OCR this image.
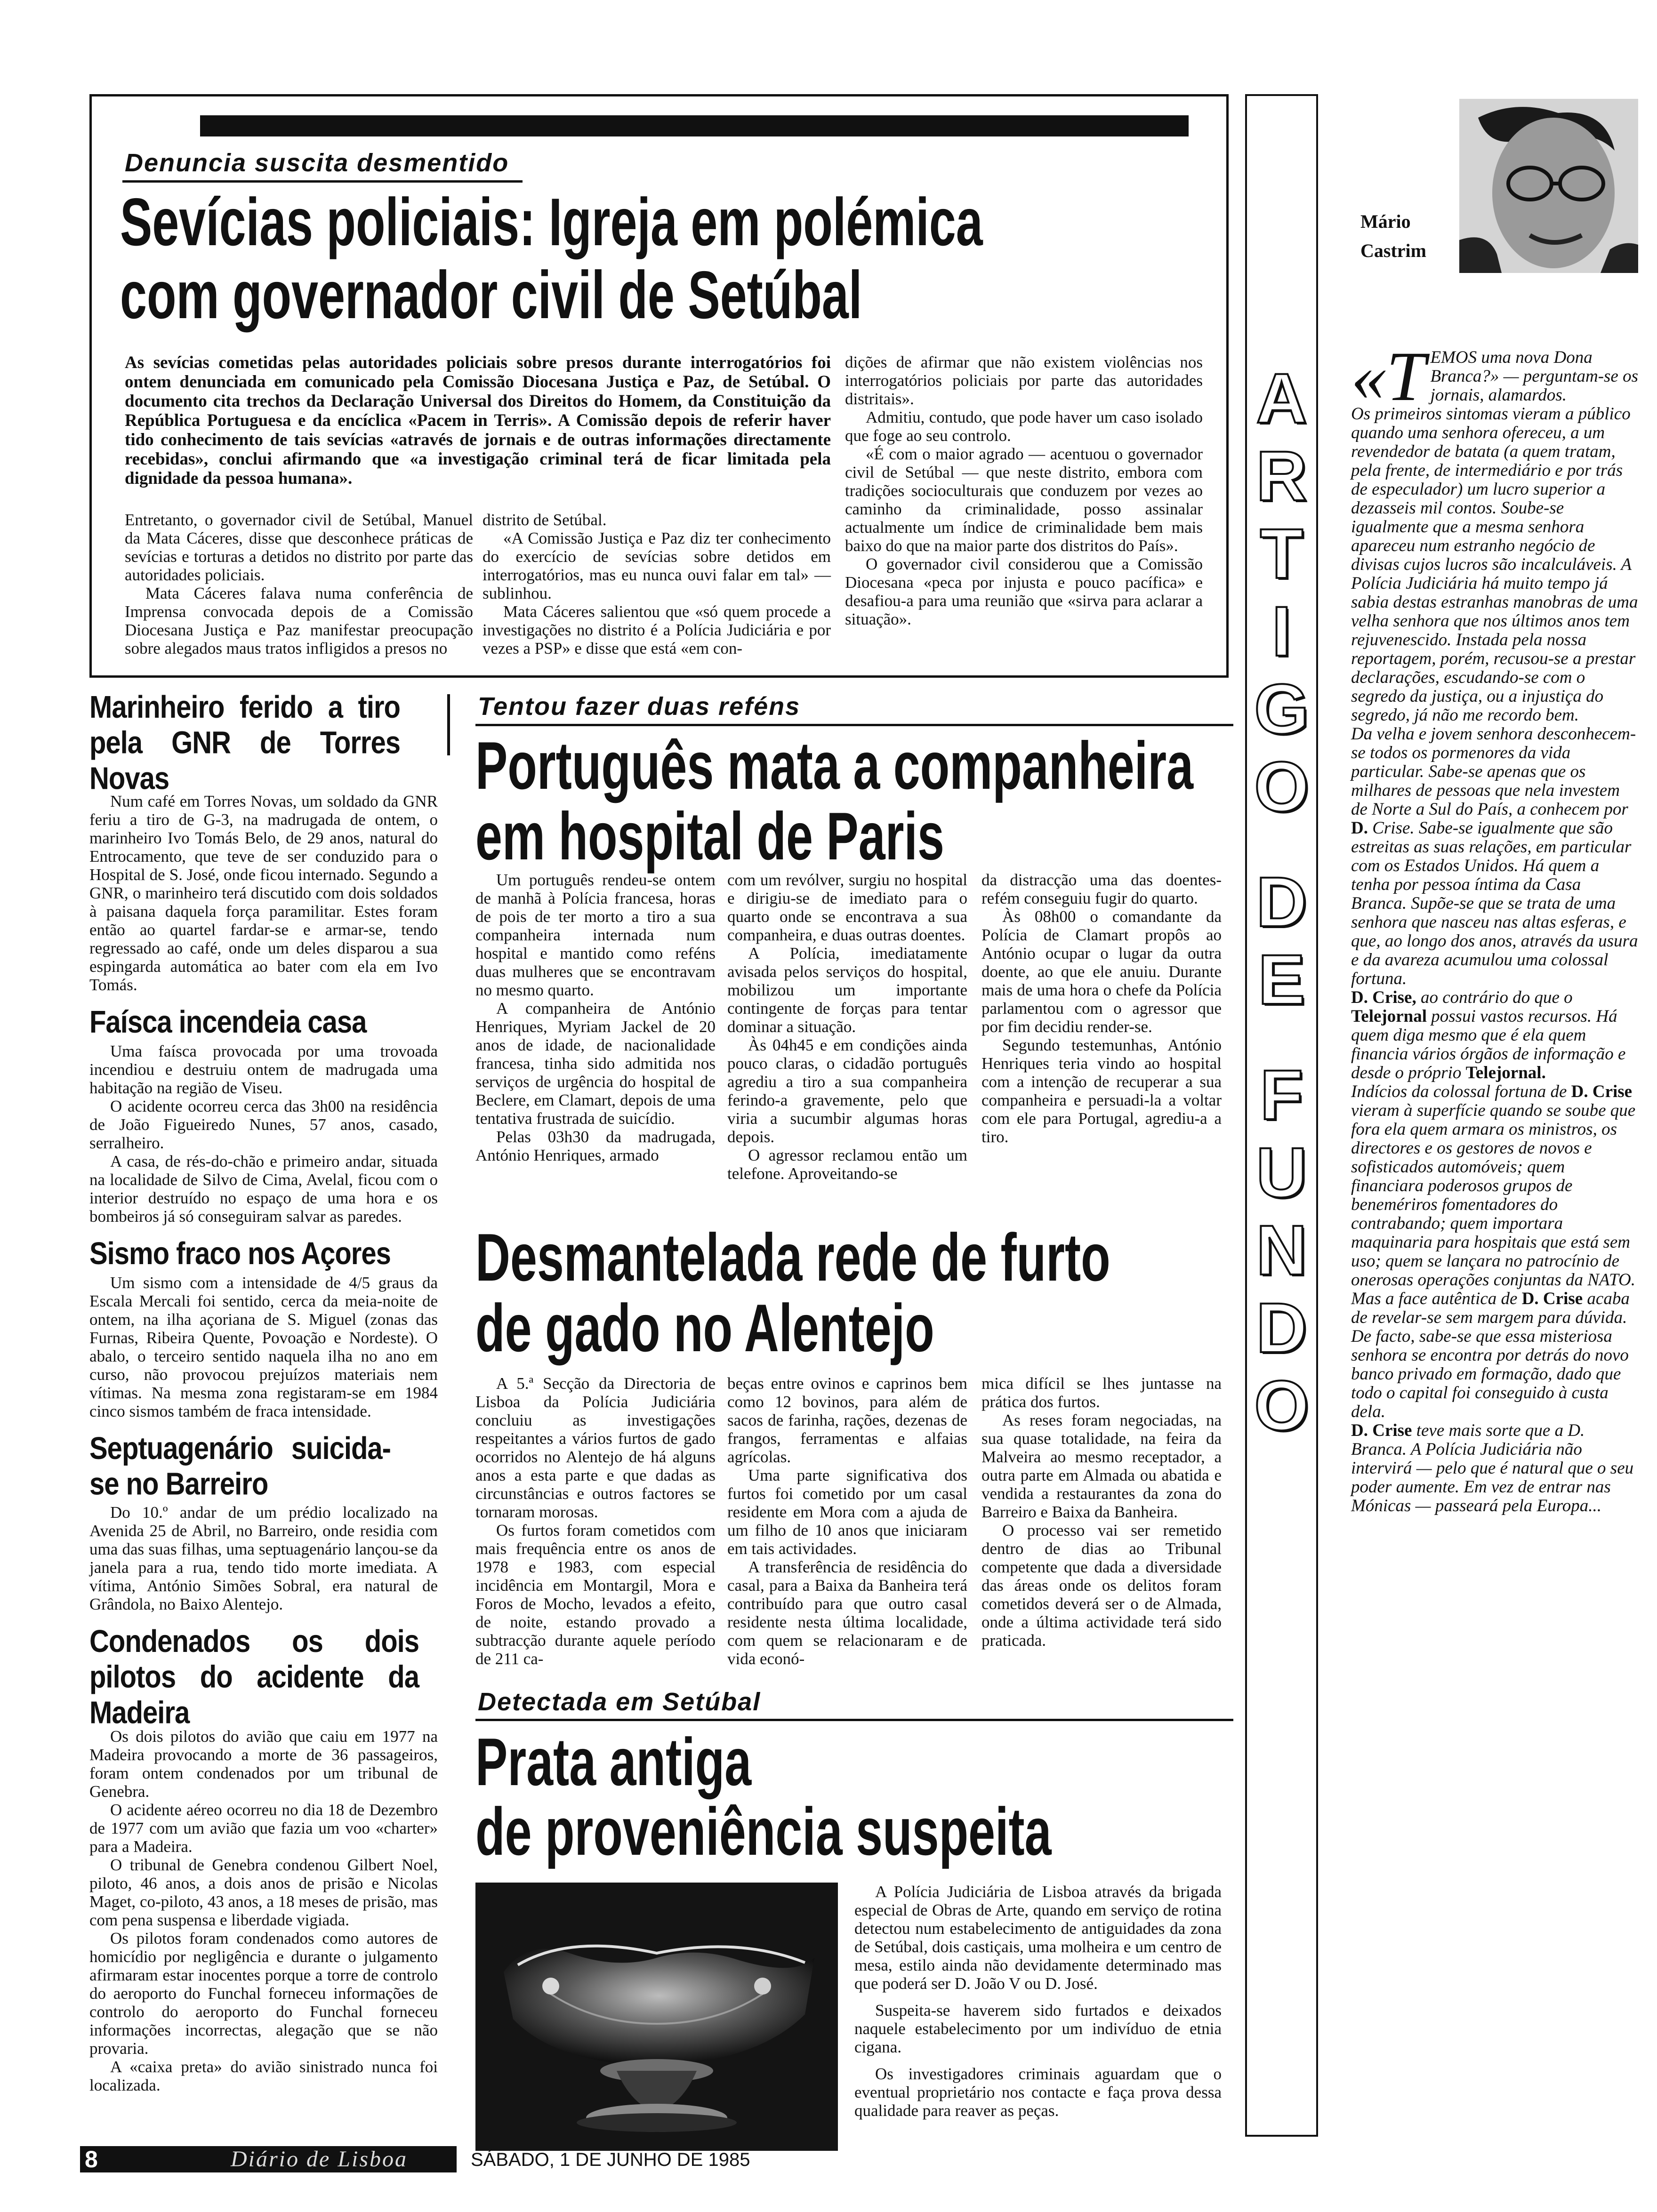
Denuncia suscita desmentido
Sevícias policiais: Igreja em polémica
com governador civil de Setúbal
As sevícias cometidas pelas autoridades policiais sobre presos durante interrogatórios foi ontem denunciada em comunicado pela Comissão Diocesana Justiça e Paz, de Setúbal. O documento cita trechos da Declaração Universal dos Direitos do Homem, da Constituição da República Portuguesa e da encíclica «Pacem in Terris». A Comissão depois de referir haver tido conhecimento de tais sevícias «através de jornais e de outras informações directamente recebidas», conclui afirmando que «a investigação criminal terá de ficar limitada pela dignidade da pessoa humana».

Entretanto, o governador civil de Setúbal, Manuel da Mata Cáceres, disse que desconhece práticas de sevícias e torturas a detidos no distrito por parte das autoridades policiais.

Mata Cáceres falava numa conferência de Imprensa convocada depois de a Comissão Diocesana Justiça e Paz manifestar preocupação sobre alegados maus tratos infligidos a presos no

distrito de Setúbal.

«A Comissão Justiça e Paz diz ter conhecimento do exercício de sevícias sobre detidos em interrogatórios, mas eu nunca ouvi falar em tal» — sublinhou.

Mata Cáceres salientou que «só quem procede a investigações no distrito é a Polícia Judiciária e por vezes a PSP» e disse que está «em con-

dições de afirmar que não existem violências nos interrogatórios policiais por parte das autoridades distritais».

Admitiu, contudo, que pode haver um caso isolado que foge ao seu controlo.

«É com o maior agrado — acentuou o governador civil de Setúbal — que neste distrito, embora com tradições socioculturais que conduzem por vezes ao caminho da criminalidade, posso assinalar actualmente um índice de criminalidade bem mais baixo do que na maior parte dos distritos do País».

O governador civil considerou que a Comissão Diocesana «peca por injusta e pouco pacífica» e desafiou-a para uma reunião que «sirva para aclarar a situação».

Marinheiro ferido a tiro pela GNR de Torres Novas

Num café em Torres Novas, um soldado da GNR feriu a tiro de G-3, na madrugada de ontem, o marinheiro Ivo Tomás Belo, de 29 anos, natural do Entrocamento, que teve de ser conduzido para o Hospital de S. José, onde ficou internado. Segundo a GNR, o marinheiro terá discutido com dois soldados à paisana daquela força paramilitar. Estes foram então ao quartel fardar-se e armar-se, tendo regressado ao café, onde um deles disparou a sua espingarda automática ao bater com ela em Ivo Tomás.

Faísca incendeia casa

Uma faísca provocada por uma trovoada incendiou e destruiu ontem de madrugada uma habitação na região de Viseu.

O acidente ocorreu cerca das 3h00 na residência de João Figueiredo Nunes, 57 anos, casado, serralheiro.

A casa, de rés-do-chão e primeiro andar, situada na localidade de Silvo de Cima, Avelal, ficou com o interior destruído no espaço de uma hora e os bombeiros já só conseguiram salvar as paredes.

Sismo fraco nos Açores

Um sismo com a intensidade de 4/5 graus da Escala Mercali foi sentido, cerca da meia-noite de ontem, na ilha açoriana de S. Miguel (zonas das Furnas, Ribeira Quente, Povoação e Nordeste). O abalo, o terceiro sentido naquela ilha no ano em curso, não provocou prejuízos materiais nem vítimas. Na mesma zona registaram-se em 1984 cinco sismos também de fraca intensidade.

Septuagenário suicida-se no Barreiro

Do 10.º andar de um prédio localizado na Avenida 25 de Abril, no Barreiro, onde residia com uma das suas filhas, uma septuagenário lançou-se da janela para a rua, tendo tido morte imediata. A vítima, António Simões Sobral, era natural de Grândola, no Baixo Alentejo.

Condenados os dois pilotos do acidente da Madeira

Os dois pilotos do avião que caiu em 1977 na Madeira provocando a morte de 36 passageiros, foram ontem condenados por um tribunal de Genebra.

O acidente aéreo ocorreu no dia 18 de Dezembro de 1977 com um avião que fazia um voo «charter» para a Madeira.

O tribunal de Genebra condenou Gilbert Noel, piloto, 46 anos, a dois anos de prisão e Nicolas Maget, co-piloto, 43 anos, a 18 meses de prisão, mas com pena suspensa e liberdade vigiada.

Os pilotos foram condenados como autores de homicídio por negligência e durante o julgamento afirmaram estar inocentes porque a torre de controlo do aeroporto do Funchal forneceu informações de controlo do aeroporto do Funchal forneceu informações incorrectas, alegação que se não provaria.

A «caixa preta» do avião sinistrado nunca foi localizada.

Tentou fazer duas reféns
Português mata a companheira
em hospital de Paris

Um português rendeu-se ontem de manhã à Polícia francesa, horas de pois de ter morto a tiro a sua companheira internada num hospital e mantido como reféns duas mulheres que se encontravam no mesmo quarto.

A companheira de António Henriques, Myriam Jackel de 20 anos de idade, de nacionalidade francesa, tinha sido admitida nos serviços de urgência do hospital de Beclere, em Clamart, depois de uma tentativa frustrada de suicídio.

Pelas 03h30 da madrugada, António Henriques, armado

com um revólver, surgiu no hospital e dirigiu-se de imediato para o quarto onde se encontrava a sua companheira, e duas outras doentes.

A Polícia, imediatamente avisada pelos serviços do hospital, mobilizou um importante contingente de forças para tentar dominar a situação.

Às 04h45 e em condições ainda pouco claras, o cidadão português agrediu a tiro a sua companheira ferindo-a gravemente, pelo que viria a sucumbir algumas horas depois.

O agressor reclamou então um telefone. Aproveitando-se

da distracção uma das doentes-refém conseguiu fugir do quarto.

Às 08h00 o comandante da Polícia de Clamart propôs ao António ocupar o lugar da outra doente, ao que ele anuiu. Durante mais de uma hora o chefe da Polícia parlamentou com o agressor que por fim decidiu render-se.

Segundo testemunhas, António Henriques teria vindo ao hospital com a intenção de recuperar a sua companheira e persuadi-la a voltar com ele para Portugal, agrediu-a a tiro.

Desmantelada rede de furto
de gado no Alentejo

A 5.ª Secção da Directoria de Lisboa da Polícia Judiciária concluiu as investigações respeitantes a vários furtos de gado ocorridos no Alentejo de há alguns anos a esta parte e que dadas as circunstâncias e outros factores se tornaram morosas.

Os furtos foram cometidos com mais frequência entre os anos de 1978 e 1983, com especial incidência em Montargil, Mora e Foros de Mocho, levados a efeito, de noite, estando provado a subtracção durante aquele período de 211 ca-

beças entre ovinos e caprinos bem como 12 bovinos, para além de sacos de farinha, rações, dezenas de frangos, ferramentas e alfaias agrícolas.

Uma parte significativa dos furtos foi cometido por um casal residente em Mora com a ajuda de um filho de 10 anos que iniciaram em tais actividades.

A transferência de residência do casal, para a Baixa da Banheira terá contribuído para que outro casal residente nesta última localidade, com quem se relacionaram e de vida econó-

mica difícil se lhes juntasse na prática dos furtos.

As reses foram negociadas, na sua quase totalidade, na feira da Malveira ao mesmo receptador, a outra parte em Almada ou abatida e vendida a restaurantes da zona do Barreiro e Baixa da Banheira.

O processo vai ser remetido dentro de dias ao Tribunal competente que dada a diversidade das áreas onde os delitos foram cometidos deverá ser o de Almada, onde a última actividade terá sido praticada.

Detectada em Setúbal
Prata antiga
de proveniência suspeita

A Polícia Judiciária de Lisboa através da brigada especial de Obras de Arte, quando em serviço de rotina detectou num estabelecimento de antiguidades da zona de Setúbal, dois castiçais, uma molheira e um centro de mesa, estilo ainda não devidamente determinado mas que poderá ser D. João V ou D. José.

Suspeita-se haverem sido furtados e deixados naquele estabelecimento por um indivíduo de etnia cigana.

Os investigadores criminais aguardam que o eventual proprietário nos contacte e faça prova dessa qualidade para reaver as peças.

A
R
T
I
G
O
D
E
F
U
N
D
O
Mário
Castrim
«T EMOS uma nova Dona Branca?» — perguntam-se os jornais, alamardos.

Os primeiros sintomas vieram a público quando uma senhora ofereceu, a um revendedor de batata (a quem tratam, pela frente, de intermediário e por trás de especulador) um lucro superior a dezasseis mil contos. Soube-se igualmente que a mesma senhora apareceu num estranho negócio de divisas cujos lucros são incalculáveis. A Polícia Judiciária há muito tempo já sabia destas estranhas manobras de uma velha senhora que nos últimos anos tem rejuvenescido. Instada pela nossa reportagem, porém, recusou-se a prestar declarações, escudando-se com o segredo da justiça, ou a injustiça do segredo, já não me recordo bem.

Da velha e jovem senhora desconhecem-se todos os pormenores da vida particular. Sabe-se apenas que os milhares de pessoas que nela investem de Norte a Sul do País, a conhecem por D. Crise. Sabe-se igualmente que são estreitas as suas relações, em particular com os Estados Unidos. Há quem a tenha por pessoa íntima da Casa Branca. Supõe-se que se trata de uma senhora que nasceu nas altas esferas, e que, ao longo dos anos, através da usura e da avareza acumulou uma colossal fortuna.

D. Crise, ao contrário do que o Telejornal possui vastos recursos. Há quem diga mesmo que é ela quem financia vários órgãos de informação e desde o próprio Telejornal.

Indícios da colossal fortuna de D. Crise vieram à superfície quando se soube que fora ela quem armara os ministros, os directores e os gestores de novos e sofisticados automóveis; quem financiara poderosos grupos de benemériros fomentadores do contrabando; quem importara maquinaria para hospitais que está sem uso; quem se lançara no patrocínio de onerosas operações conjuntas da NATO.

Mas a face autêntica de D. Crise acaba de revelar-se sem margem para dúvida. De facto, sabe-se que essa misteriosa senhora se encontra por detrás do novo banco privado em formação, dado que todo o capital foi conseguido à custa dela.

D. Crise teve mais sorte que a D. Branca. A Polícia Judiciária não intervirá — pelo que é natural que o seu poder aumente. Em vez de entrar nas Mónicas — passeará pela Europa...

8	Diário de Lisboa	SÁBADO, 1 DE JUNHO DE 1985
